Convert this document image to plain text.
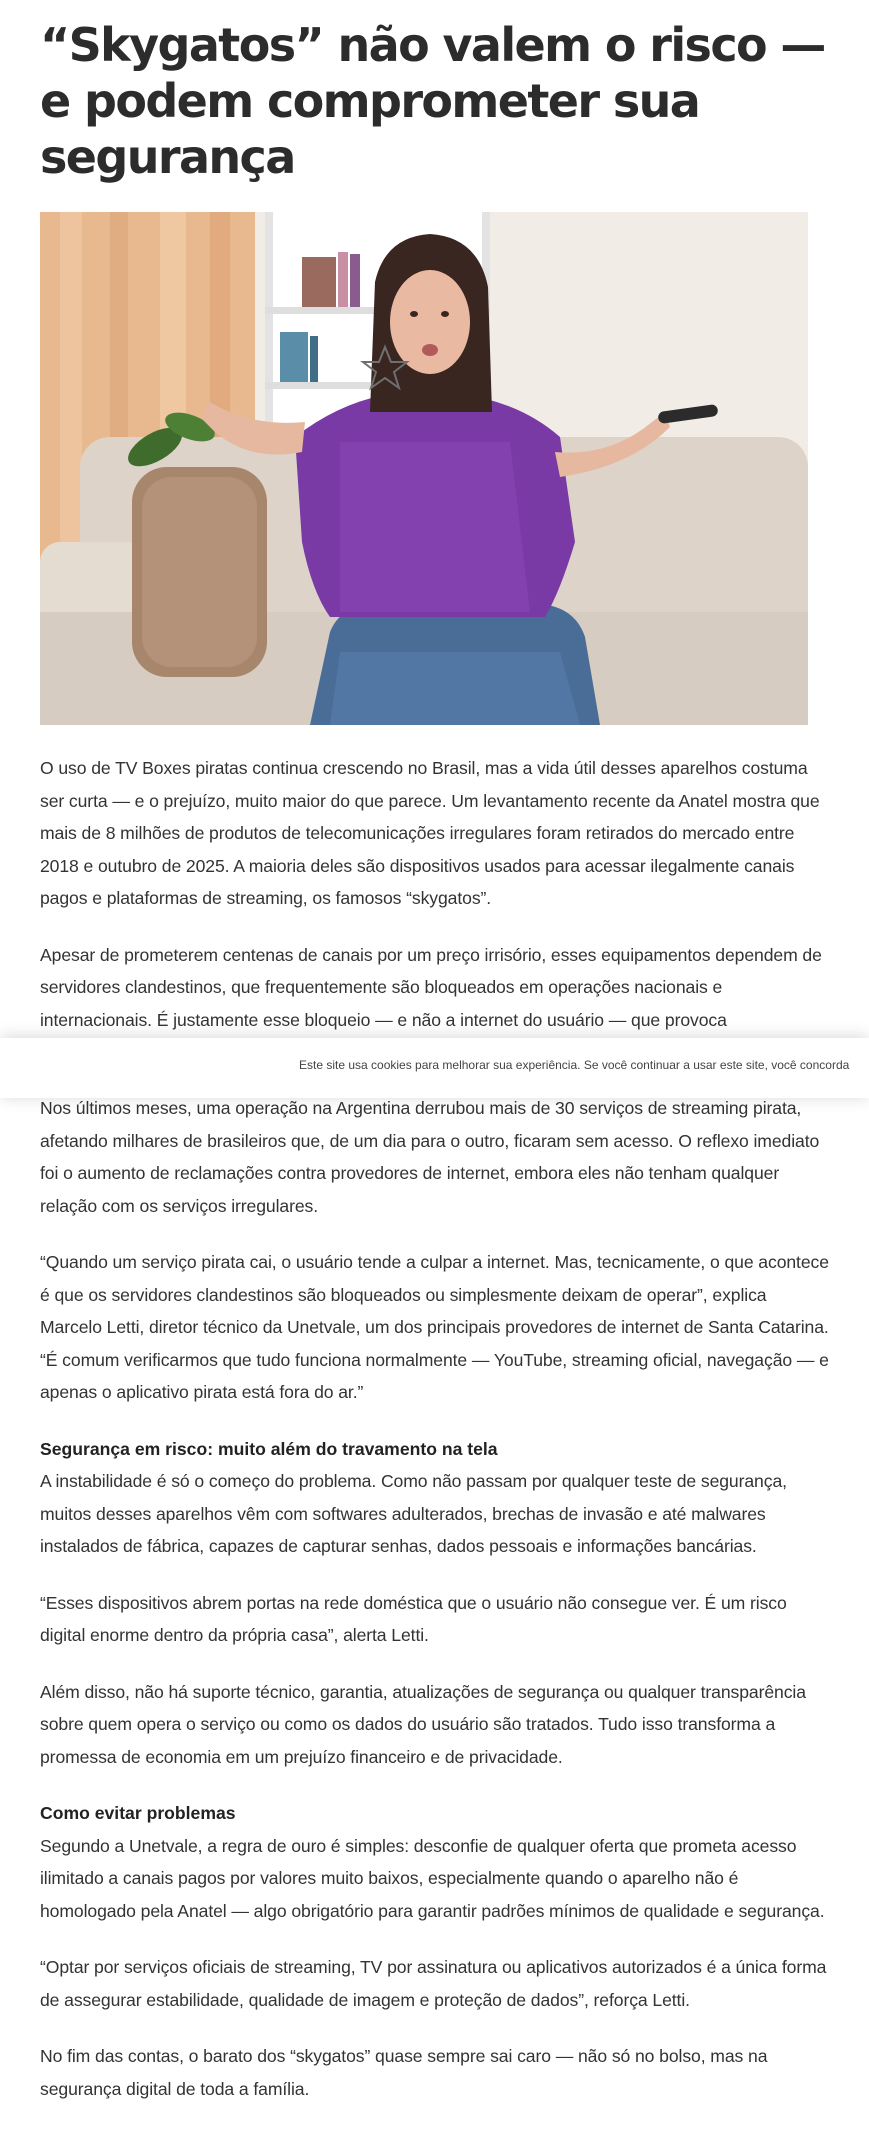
“Skygatos” não valem o risco — e podem comprometer sua segurança

O uso de TV Boxes piratas continua crescendo no Brasil, mas a vida útil desses aparelhos costuma ser curta — e o prejuízo, muito maior do que parece. Um levantamento recente da Anatel mostra que mais de 8 milhões de produtos de telecomunicações irregulares foram retirados do mercado entre 2018 e outubro de 2025. A maioria deles são dispositivos usados para acessar ilegalmente canais pagos e plataformas de streaming, os famosos “skygatos”.

Apesar de prometerem centenas de canais por um preço irrisório, esses equipamentos dependem de servidores clandestinos, que frequentemente são bloqueados em operações nacionais e internacionais. É justamente esse bloqueio — e não a internet do usuário — que provoca

Nos últimos meses, uma operação na Argentina derrubou mais de 30 serviços de streaming pirata, afetando milhares de brasileiros que, de um dia para o outro, ficaram sem acesso. O reflexo imediato foi o aumento de reclamações contra provedores de internet, embora eles não tenham qualquer relação com os serviços irregulares.

“Quando um serviço pirata cai, o usuário tende a culpar a internet. Mas, tecnicamente, o que acontece é que os servidores clandestinos são bloqueados ou simplesmente deixam de operar”, explica Marcelo Letti, diretor técnico da Unetvale, um dos principais provedores de internet de Santa Catarina. “É comum verificarmos que tudo funciona normalmente — YouTube, streaming oficial, navegação — e apenas o aplicativo pirata está fora do ar.”

Segurança em risco: muito além do travamento na tela

A instabilidade é só o começo do problema. Como não passam por qualquer teste de segurança, muitos desses aparelhos vêm com softwares adulterados, brechas de invasão e até malwares instalados de fábrica, capazes de capturar senhas, dados pessoais e informações bancárias.

“Esses dispositivos abrem portas na rede doméstica que o usuário não consegue ver. É um risco digital enorme dentro da própria casa”, alerta Letti.

Além disso, não há suporte técnico, garantia, atualizações de segurança ou qualquer transparência sobre quem opera o serviço ou como os dados do usuário são tratados. Tudo isso transforma a promessa de economia em um prejuízo financeiro e de privacidade.

Como evitar problemas

Segundo a Unetvale, a regra de ouro é simples: desconfie de qualquer oferta que prometa acesso ilimitado a canais pagos por valores muito baixos, especialmente quando o aparelho não é homologado pela Anatel — algo obrigatório para garantir padrões mínimos de qualidade e segurança.

“Optar por serviços oficiais de streaming, TV por assinatura ou aplicativos autorizados é a única forma de assegurar estabilidade, qualidade de imagem e proteção de dados”, reforça Letti.

No fim das contas, o barato dos “skygatos” quase sempre sai caro — não só no bolso, mas na segurança digital de toda a família.

Este site usa cookies para melhorar sua experiência. Se você continuar a usar este site, você concorda
